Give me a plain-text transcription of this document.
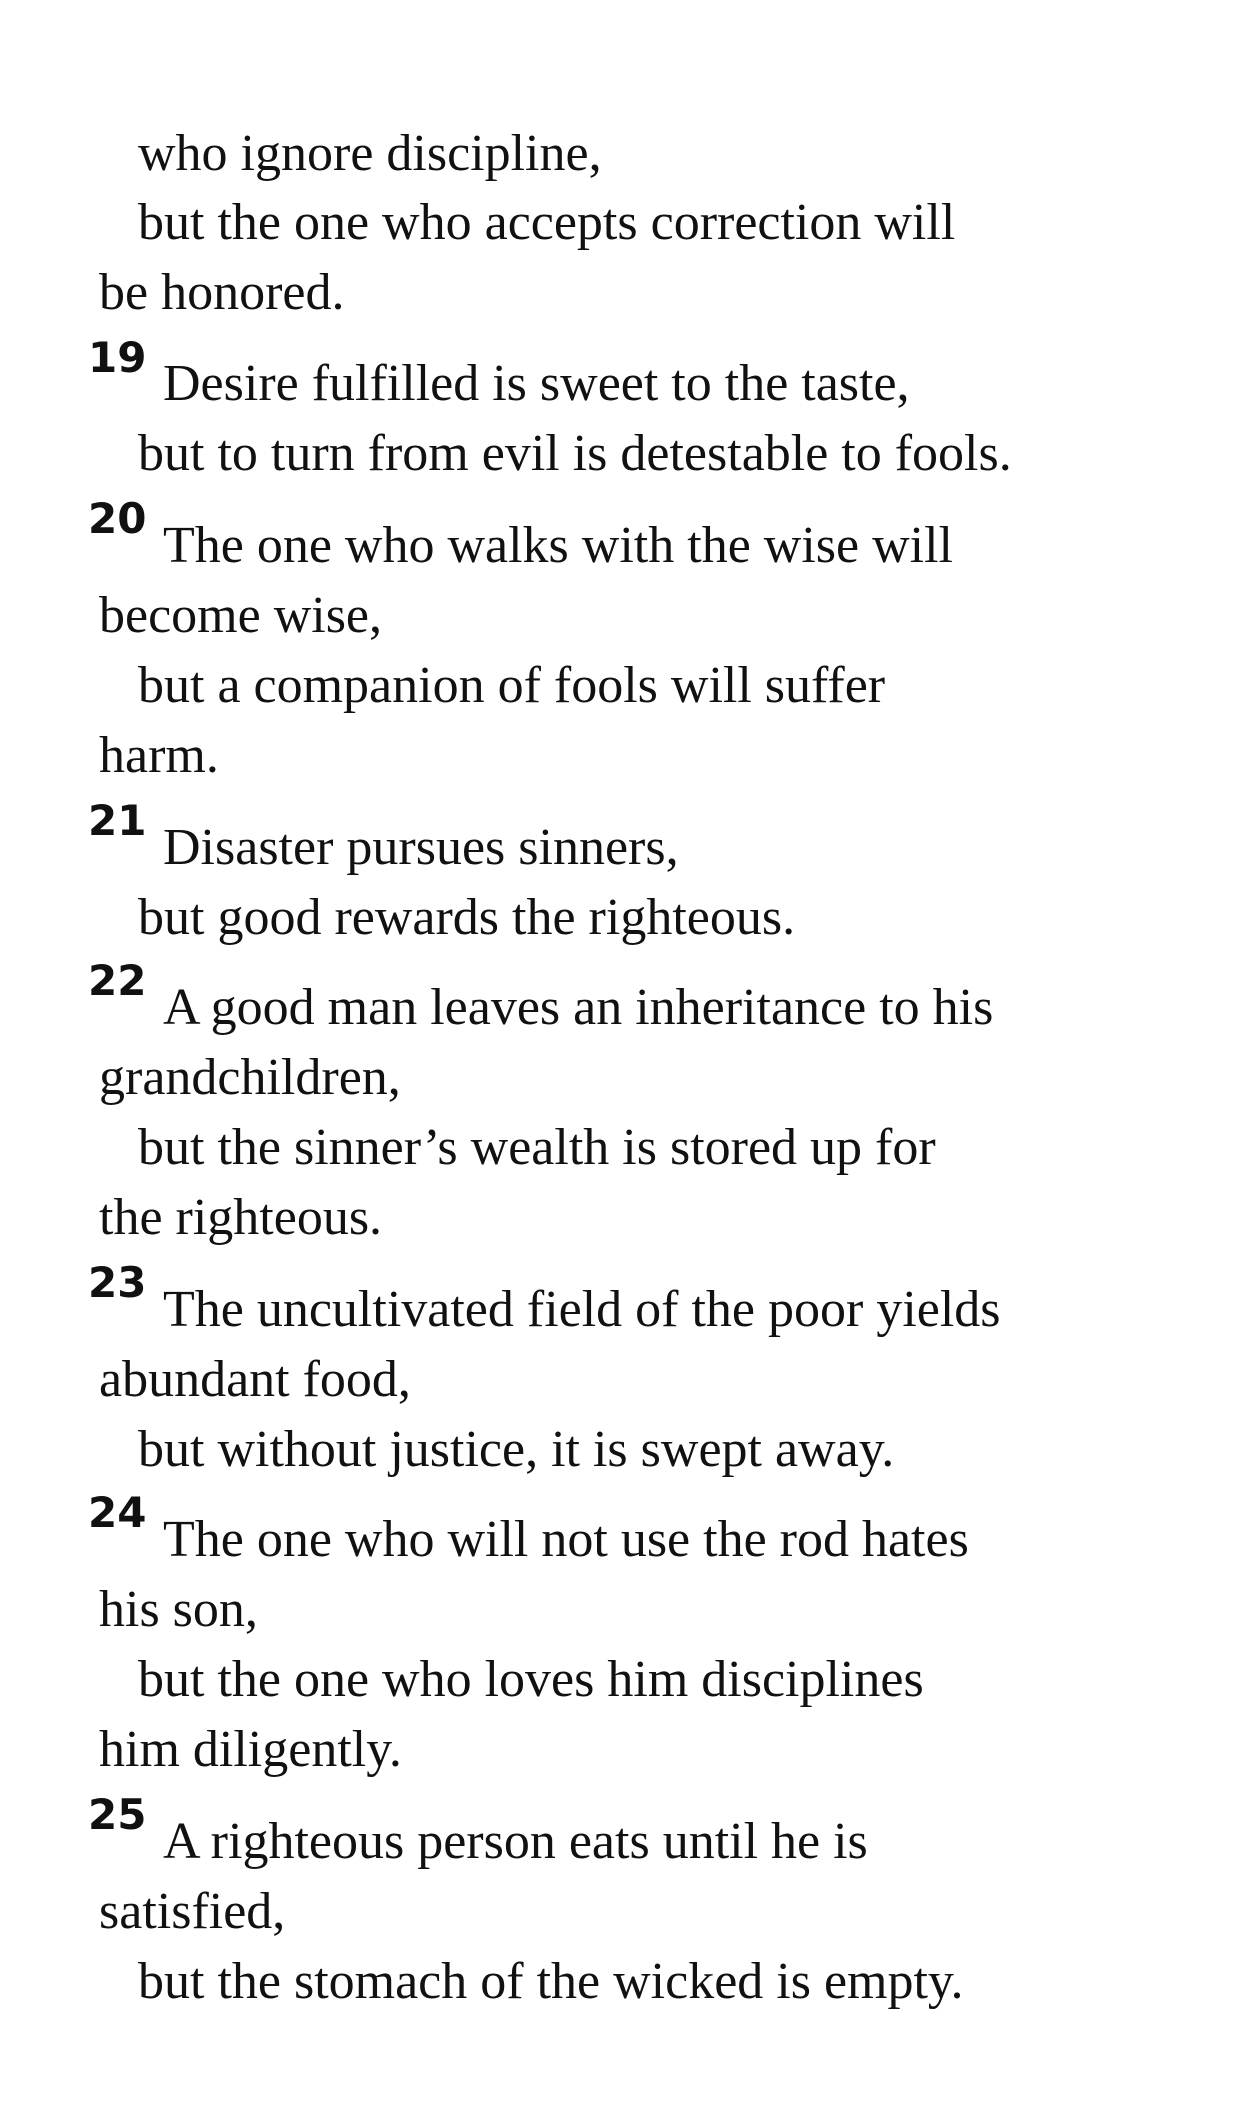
who ignore discipline,
but the one who accepts correction will
be honored.
19 Desire fulfilled is sweet to the taste,
but to turn from evil is detestable to fools.
20 The one who walks with the wise will
become wise,
but a companion of fools will suffer
harm.
21 Disaster pursues sinners,
but good rewards the righteous.
22 A good man leaves an inheritance to his
grandchildren,
but the sinner’s wealth is stored up for
the righteous.
23 The uncultivated field of the poor yields
abundant food,
but without justice, it is swept away.
24 The one who will not use the rod hates
his son,
but the one who loves him disciplines
him diligently.
25 A righteous person eats until he is
satisfied,
but the stomach of the wicked is empty.
